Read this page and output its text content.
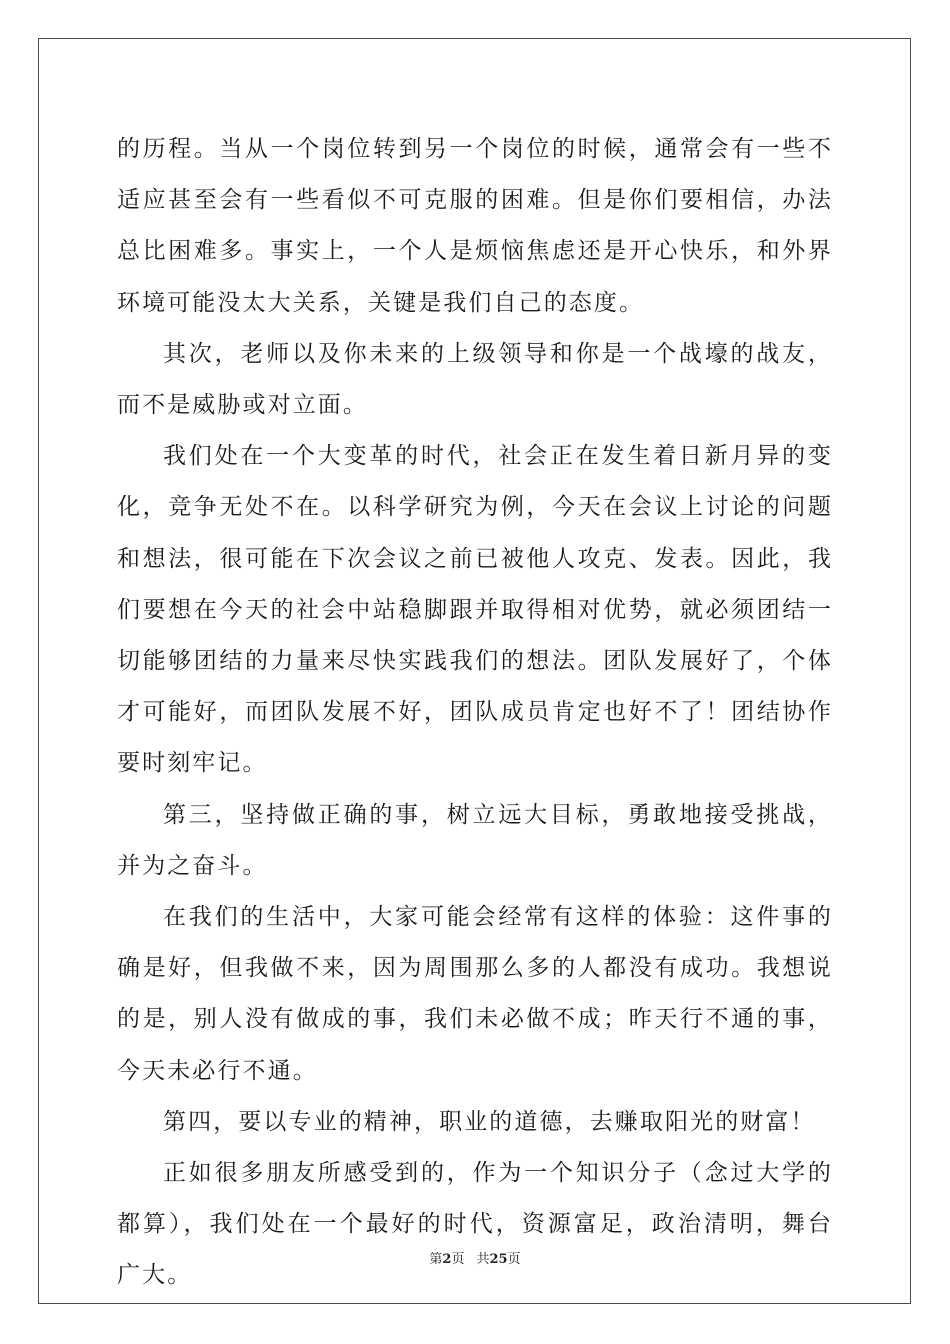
的历程。当从一个岗位转到另一个岗位的时候，通常会有一些不适应甚至会有一些看似不可克服的困难。但是你们要相信，办法总比困难多。事实上，一个人是烦恼焦虑还是开心快乐，和外界环境可能没太大关系，关键是我们自己的态度。

其次，老师以及你未来的上级领导和你是一个战壕的战友，而不是威胁或对立面。

我们处在一个大变革的时代，社会正在发生着日新月异的变化，竞争无处不在。以科学研究为例，今天在会议上讨论的问题和想法，很可能在下次会议之前已被他人攻克、发表。因此，我们要想在今天的社会中站稳脚跟并取得相对优势，就必须团结一切能够团结的力量来尽快实践我们的想法。团队发展好了，个体才可能好，而团队发展不好，团队成员肯定也好不了！团结协作要时刻牢记。

第三，坚持做正确的事，树立远大目标，勇敢地接受挑战，并为之奋斗。

在我们的生活中，大家可能会经常有这样的体验：这件事的确是好，但我做不来，因为周围那么多的人都没有成功。我想说的是，别人没有做成的事，我们未必做不成；昨天行不通的事，今天未必行不通。

第四，要以专业的精神，职业的道德，去赚取阳光的财富！

正如很多朋友所感受到的，作为一个知识分子（念过大学的都算），我们处在一个最好的时代，资源富足，政治清明，舞台广大。

第2页 共25页
